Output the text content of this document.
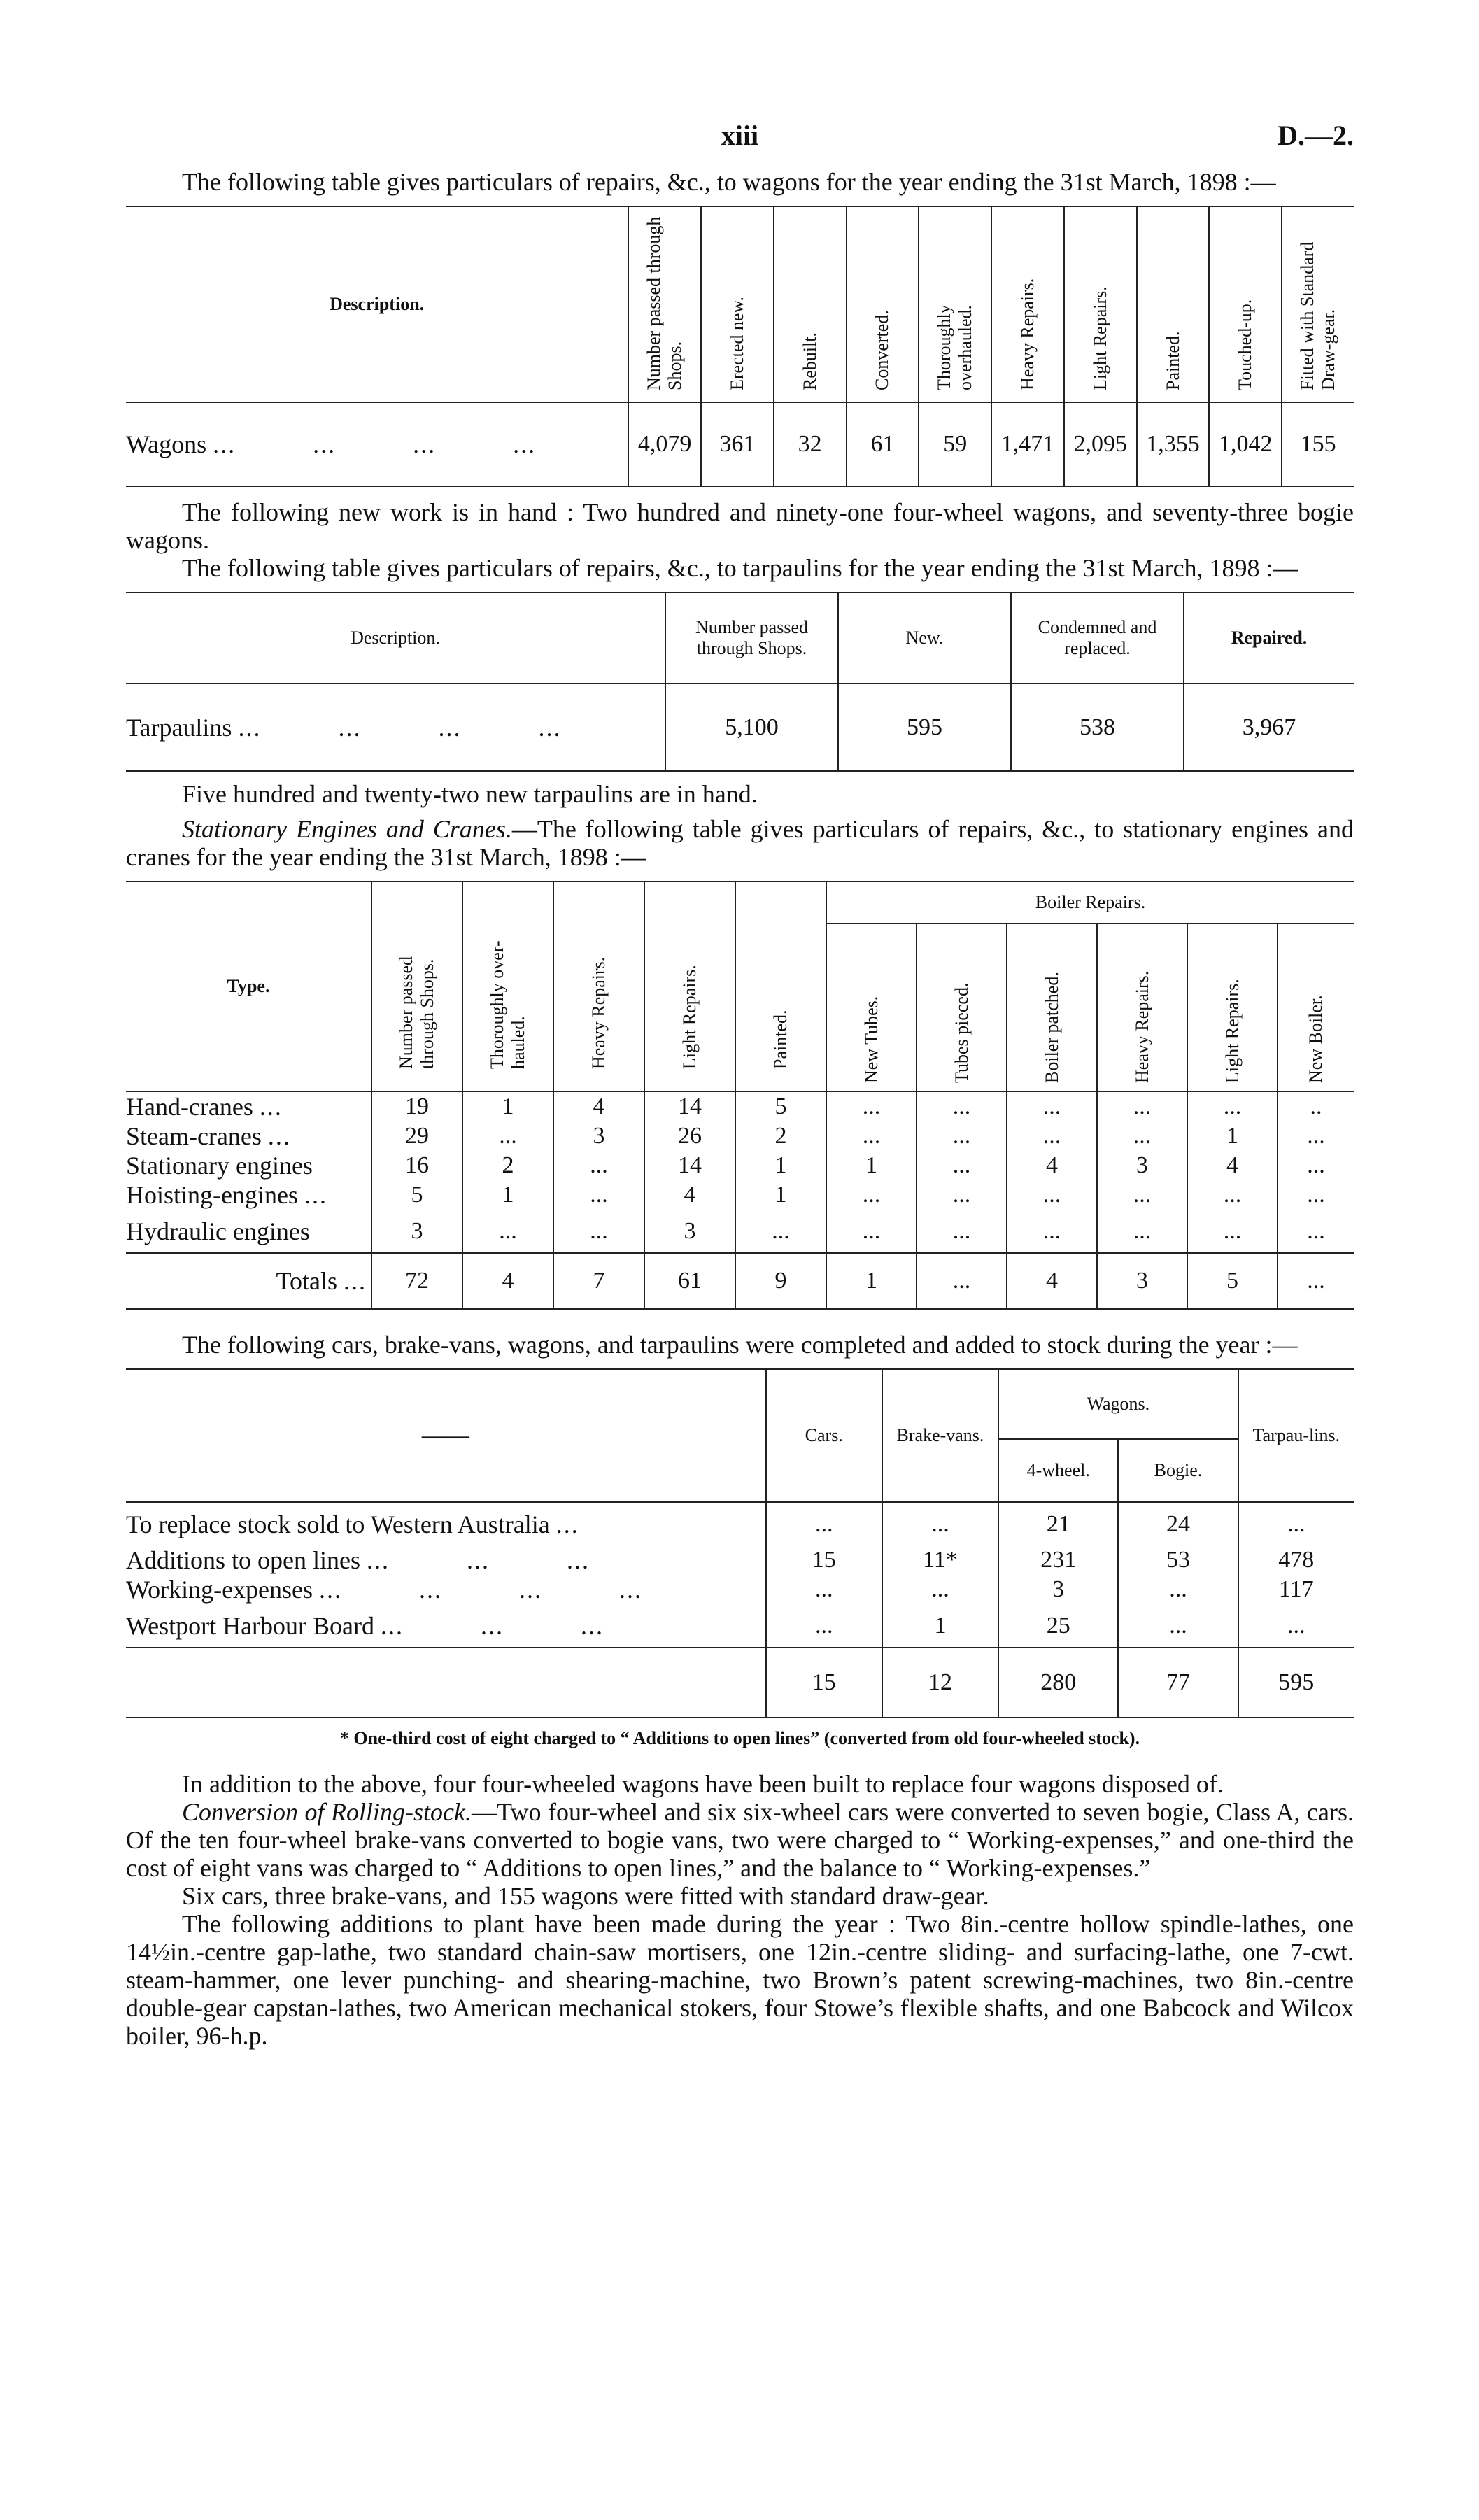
xiii	D.—2.

The following table gives particulars of repairs, &c., to wagons for the year ending the 31st March, 1898 :—

Description.	Number passed through Shops.	Erected new.	Rebuilt.	Converted.	Thoroughly overhauled.	Heavy Repairs.	Light Repairs.	Painted.	Touched-up.	Fitted with Standard Draw-gear.
Wagons ...          ...          ...          ...	4,079	361	32	61	59	1,471	2,095	1,355	1,042	155

The following new work is in hand : Two hundred and ninety-one four-wheel wagons, and seventy-three bogie wagons.

The following table gives particulars of repairs, &c., to tarpaulins for the year ending the 31st March, 1898 :—

Description.	Number passed through Shops.	New.	Condemned and replaced.	Repaired.
Tarpaulins ...          ...          ...          ...	5,100	595	538	3,967

Five hundred and twenty-two new tarpaulins are in hand.

Stationary Engines and Cranes.—The following table gives particulars of repairs, &c., to stationary engines and cranes for the year ending the 31st March, 1898 :—

Type.	Number passed through Shops.	Thoroughly over-hauled.	Heavy Repairs.	Light Repairs.	Painted.	Boiler Repairs.					
						New Tubes.	Tubes pieced.	Boiler patched.	Heavy Repairs.	Light Repairs.	New Boiler.
Hand-cranes ...	19	1	4	14	5	...	...	...	...	...	..
Steam-cranes ...	29	...	3	26	2	...	...	...	...	1	...
Stationary engines	16	2	...	14	1	1	...	4	3	4	...
Hoisting-engines ...	5	1	...	4	1	...	...	...	...	...	...
Hydraulic engines	3	...	...	3	...	...	...	...	...	...	...
Totals ...	72	4	7	61	9	1	...	4	3	5	...

The following cars, brake-vans, wagons, and tarpaulins were completed and added to stock during the year :—

——	Cars.	Brake-vans.	Wagons.		Tarpau-lins.
			4-wheel.	Bogie.	
To replace stock sold to Western Australia ...	...	...	21	24	...
Additions to open lines ...          ...          ...	15	11*	231	53	478
Working-expenses ...          ...          ...          ...	...	...	3	...	117
Westport Harbour Board ...          ...          ...	...	1	25	...	...
	15	12	280	77	595
* One-third cost of eight charged to “ Additions to open lines” (converted from old four-wheeled stock).

In addition to the above, four four-wheeled wagons have been built to replace four wagons disposed of.

Conversion of Rolling-stock.—Two four-wheel and six six-wheel cars were converted to seven bogie, Class A, cars. Of the ten four-wheel brake-vans converted to bogie vans, two were charged to “ Working-expenses,” and one-third the cost of eight vans was charged to “ Additions to open lines,” and the balance to “ Working-expenses.”

Six cars, three brake-vans, and 155 wagons were fitted with standard draw-gear.

The following additions to plant have been made during the year : Two 8in.-centre hollow spindle-lathes, one 14½in.-centre gap-lathe, two standard chain-saw mortisers, one 12in.-centre sliding- and surfacing-lathe, one 7-cwt. steam-hammer, one lever punching- and shearing-machine, two Brown’s patent screwing-machines, two 8in.-centre double-gear capstan-lathes, two American mechanical stokers, four Stowe’s flexible shafts, and one Babcock and Wilcox boiler, 96-h.p.
